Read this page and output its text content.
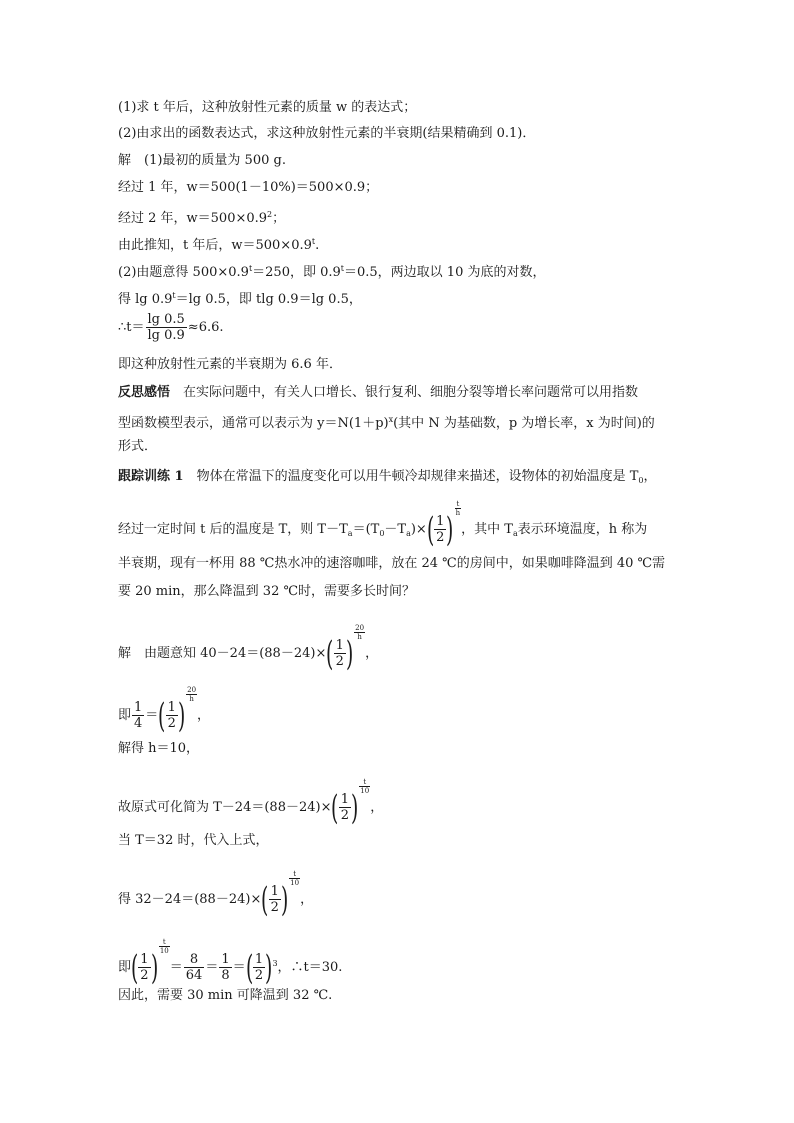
(1)求 t 年后，这种放射性元素的质量 w 的表达式；
(2)由求出的函数表达式，求这种放射性元素的半衰期(结果精确到 0.1)．
解　(1)最初的质量为 500 g.
经过 1 年，w＝500(1－10%)＝500×0.9；
经过 2 年，$w=500\times 0.9^2$；
由此推知，t 年后，$w=500\times 0.9^t$.
(2)由题意得 $500\times 0.9^t=250$，即 $0.9^t=0.5$，两边取以 10 为底的对数，
得 $\lg 0.9^t=\lg$ 0.5，即 tlg 0.9＝lg 0.5，
∴t＝ $\frac{\lg 0.5}{\lg 0.9} \approx 6.6$.
即这种放射性元素的半衰期为 6.6 年．
反思感悟　在实际问题中，有关人口增长、银行复利、细胞分裂等增长率问题常可以用指数
型函数模型表示，通常可以表示为 $y=N(1+p)^x$(其中 N 为基础数，p 为增长率，x 为时间)的
形式．
跟踪训练 1　物体在常温下的温度变化可以用牛顿冷却规律来描述，设物体的初始温度是 $T_0$，
经过一定时间 t 后的温度是 T，则 $T-T_a=(T_0-T_a)\times( \frac{1}{2}$ )
$\frac{t}{h}$
，其中 $T_a$表示环境温度，h 称为
半衰期，现有一杯用 88 ℃热水冲的速溶咖啡，放在 24 ℃的房间中，如果咖啡降温到 40 ℃需
要 20 min，那么降温到 32 ℃时，需要多长时间？
解　由题意知 $40-24=(88-24)\times( \frac{1}{2}$ )
$\frac{20}{h}$
，
即 $\frac{1}{4}$ ＝( $\frac{1}{2}$ )
$\frac{20}{h}$
，
解得 h＝10，
故原式可化简为 $T-24=(88-24)\times( \frac{1}{2}$ )
$\frac{t}{10}$
，
当 T＝32 时，代入上式，
得 $32-24=(88-24)\times( \frac{1}{2}$ )
$\frac{t}{10}$
，
即( $\frac{1}{2}$ )
$\frac{t}{10}$
＝ $\frac{8}{64} = \frac{1}{8}$ ＝( $\frac{1}{2} )^3$，∴t＝30.
因此，需要 30 min 可降温到 32 ℃.
